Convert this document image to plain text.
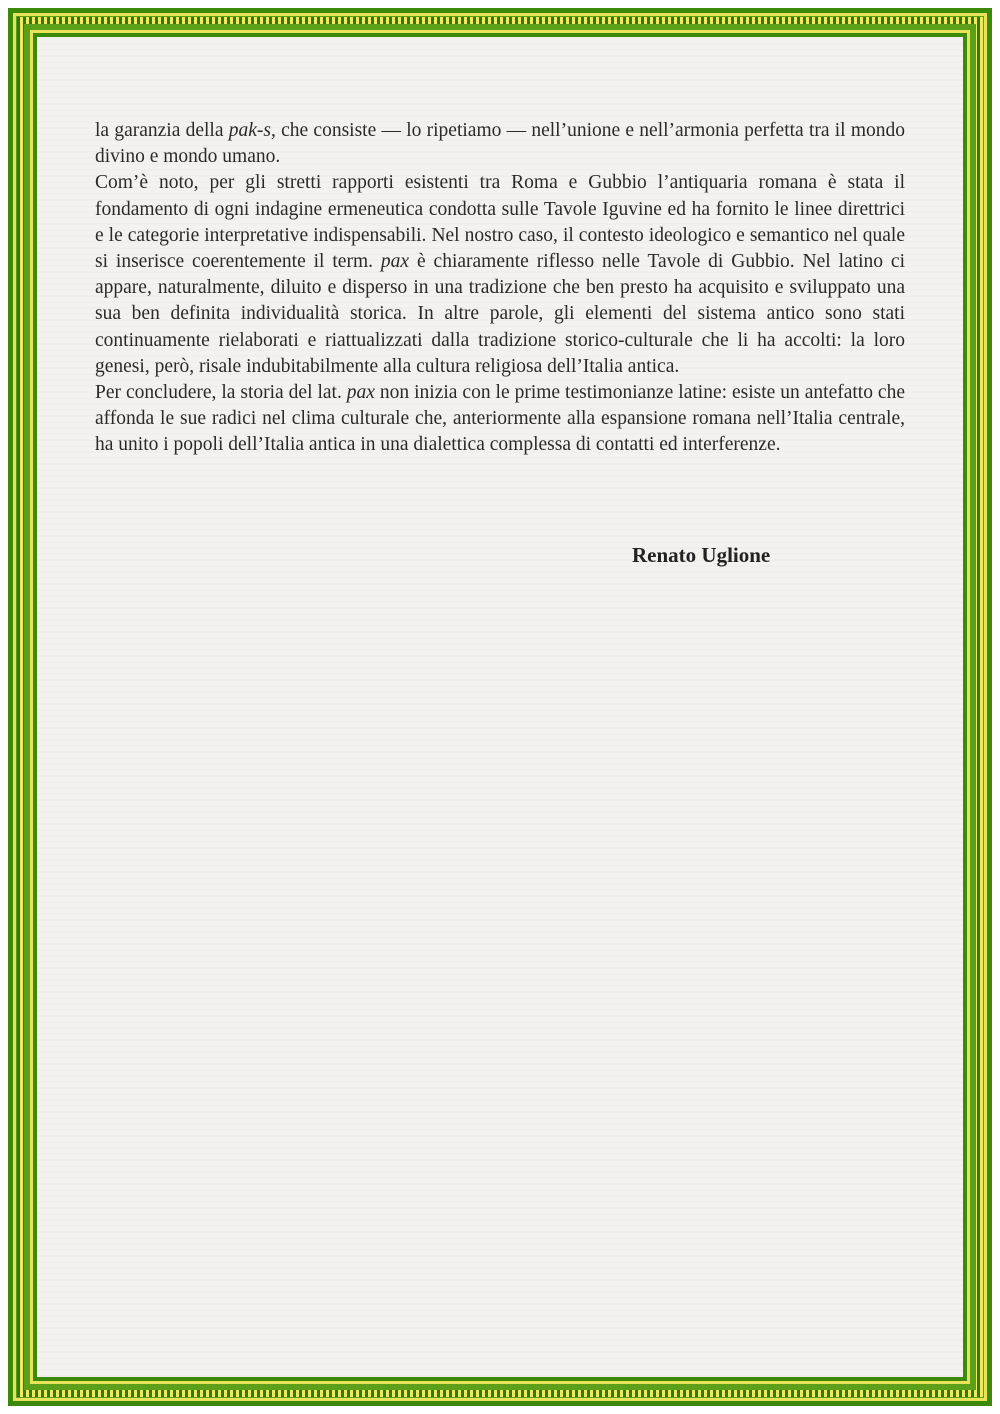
la garanzia della pak-s, che consiste — lo ripetiamo — nell’unione e nell’armonia perfetta tra il mondo divino e mondo umano.

Com’è noto, per gli stretti rapporti esistenti tra Roma e Gubbio l’antiquaria romana è stata il fondamento di ogni indagine ermeneutica condotta sulle Tavole Iguvine ed ha fornito le linee direttrici e le categorie interpretative indispensabili. Nel nostro caso, il contesto ideologico e semantico nel quale si inserisce coerentemente il term. pax è chiaramente riflesso nelle Tavole di Gubbio. Nel latino ci appare, naturalmente, diluito e disperso in una tradizione che ben presto ha acquisito e sviluppato una sua ben definita individualità storica. In altre parole, gli elementi del sistema antico sono stati continuamente rielaborati e riattualizzati dalla tradizione storico-culturale che li ha accolti: la loro genesi, però, risale indubitabilmente alla cultura religiosa dell’Italia antica.

Per concludere, la storia del lat. pax non inizia con le prime testimonianze latine: esiste un antefatto che affonda le sue radici nel clima culturale che, anteriormente alla espansione romana nell’Italia centrale, ha unito i popoli dell’Italia antica in una dialettica complessa di contatti ed interferenze.

Renato Uglione
